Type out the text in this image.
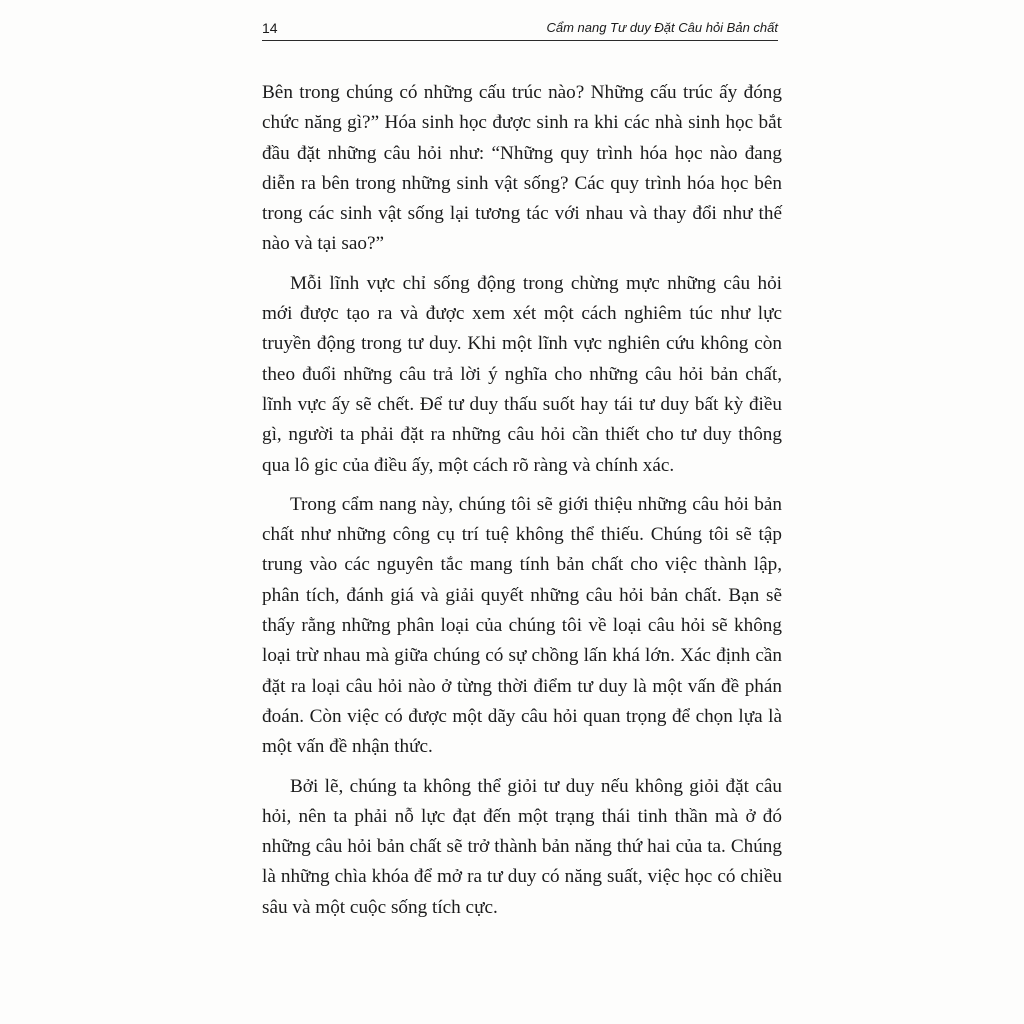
14	Cẩm nang Tư duy Đặt Câu hỏi Bản chất

Bên trong chúng có những cấu trúc nào? Những cấu trúc ấy đóng chức năng gì?” Hóa sinh học được sinh ra khi các nhà sinh học bắt đầu đặt những câu hỏi như: “Những quy trình hóa học nào đang diễn ra bên trong những sinh vật sống? Các quy trình hóa học bên trong các sinh vật sống lại tương tác với nhau và thay đổi như thế nào và tại sao?”

Mỗi lĩnh vực chỉ sống động trong chừng mực những câu hỏi mới được tạo ra và được xem xét một cách nghiêm túc như lực truyền động trong tư duy. Khi một lĩnh vực nghiên cứu không còn theo đuổi những câu trả lời ý nghĩa cho những câu hỏi bản chất, lĩnh vực ấy sẽ chết. Để tư duy thấu suốt hay tái tư duy bất kỳ điều gì, người ta phải đặt ra những câu hỏi cần thiết cho tư duy thông qua lô gic của điều ấy, một cách rõ ràng và chính xác.

Trong cẩm nang này, chúng tôi sẽ giới thiệu những câu hỏi bản chất như những công cụ trí tuệ không thể thiếu. Chúng tôi sẽ tập trung vào các nguyên tắc mang tính bản chất cho việc thành lập, phân tích, đánh giá và giải quyết những câu hỏi bản chất. Bạn sẽ thấy rằng những phân loại của chúng tôi về loại câu hỏi sẽ không loại trừ nhau mà giữa chúng có sự chồng lấn khá lớn. Xác định cần đặt ra loại câu hỏi nào ở từng thời điểm tư duy là một vấn đề phán đoán. Còn việc có được một dãy câu hỏi quan trọng để chọn lựa là một vấn đề nhận thức.

Bởi lẽ, chúng ta không thể giỏi tư duy nếu không giỏi đặt câu hỏi, nên ta phải nỗ lực đạt đến một trạng thái tinh thần mà ở đó những câu hỏi bản chất sẽ trở thành bản năng thứ hai của ta. Chúng là những chìa khóa để mở ra tư duy có năng suất, việc học có chiều sâu và một cuộc sống tích cực.
